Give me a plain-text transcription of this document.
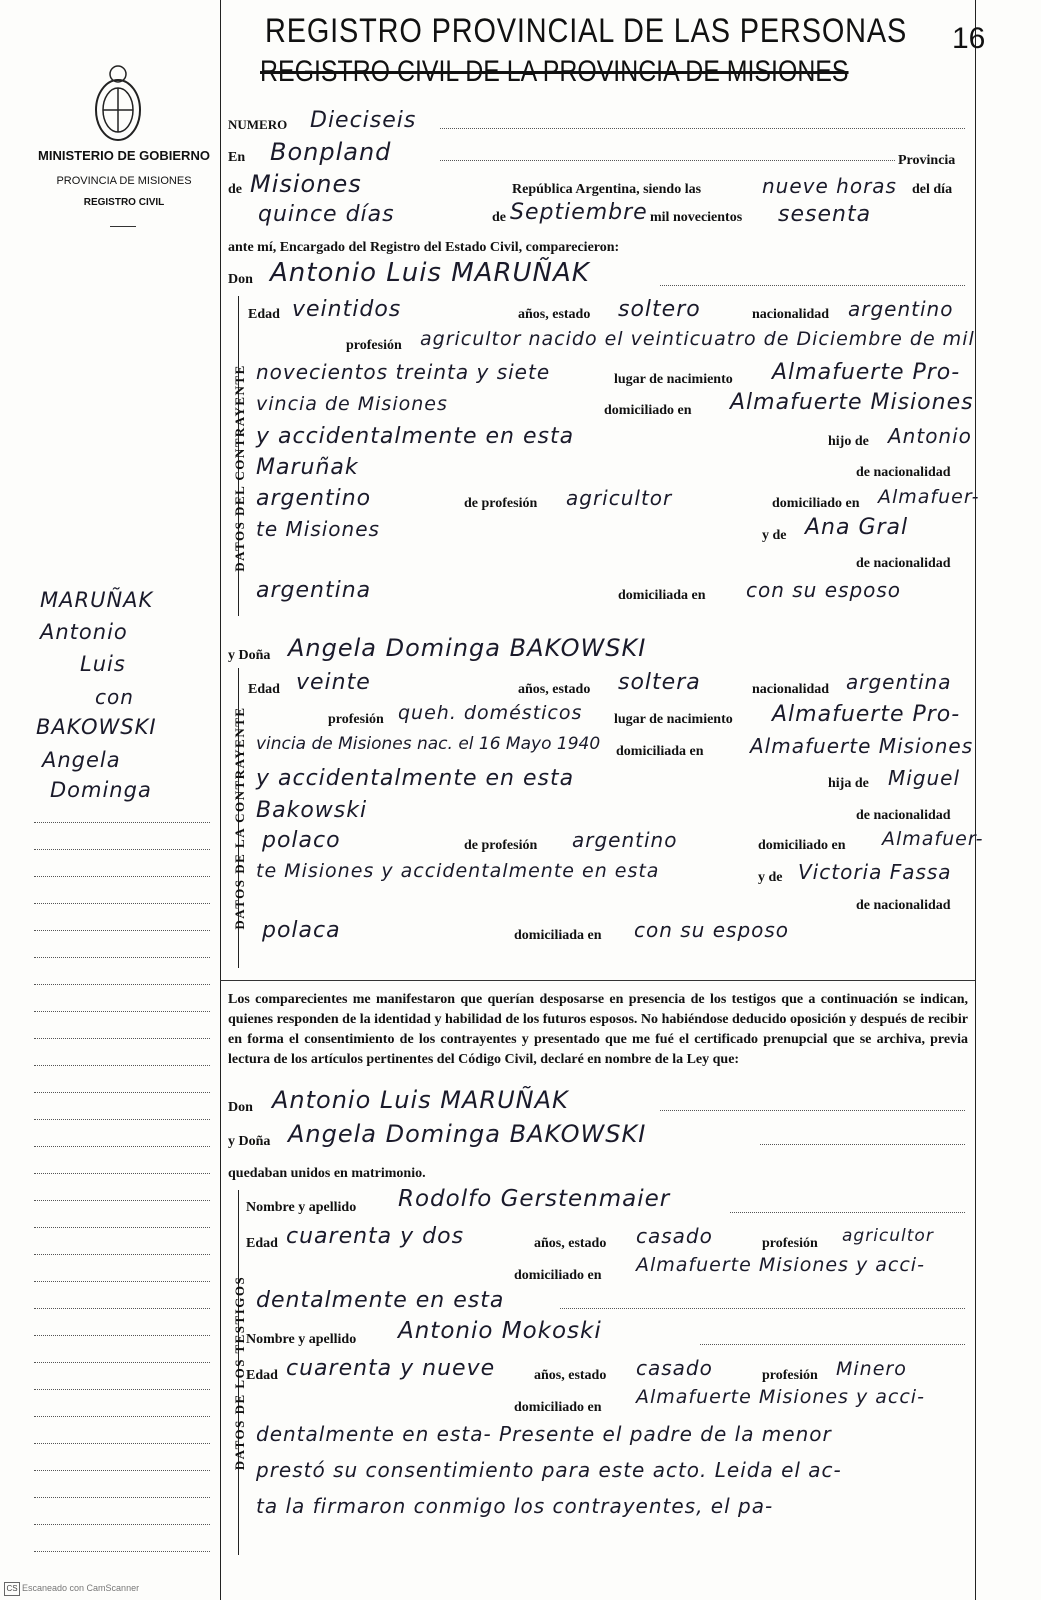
REGISTRO PROVINCIAL DE LAS PERSONAS
REGISTRO CIVIL DE LA PROVINCIA DE MISIONES
16
MINISTERIO DE GOBIERNO
PROVINCIA DE MISIONES
REGISTRO CIVIL
MARUÑAK
Antonio
Luis
con
BAKOWSKI
Angela
Dominga
NUMERO Dieciseis
En Bonpland	Provincia
de Misiones	República Argentina, siendo las	nueve horas del día
quince días	de Septiembre mil novecientos sesenta
ante mí, Encargado del Registro del Estado Civil, comparecieron:
Don Antonio Luis MARUÑAK
DATOS DEL CONTRAYENTE
Edad veintidos	años, estado soltero	nacionalidad argentino
profesión agricultor nacido el veinticuatro de Diciembre de mil
novecientos treinta y siete	lugar de nacimiento Almafuerte Pro-
vincia de Misiones	domiciliado en Almafuerte Misiones
y accidentalmente en esta	hijo de Antonio
Maruñak	de nacionalidad
argentino	de profesión agricultor	domiciliado en Almafuer-
te Misiones	y de Ana Gral
de nacionalidad
argentina	domiciliada en con su esposo
y Doña Angela Dominga BAKOWSKI
DATOS DE LA CONTRAYENTE
Edad veinte	años, estado soltera	nacionalidad argentina
profesión queh. domésticos lugar de nacimiento Almafuerte Pro-
vincia de Misiones nac. el 16 Mayo 1940 domiciliada en Almafuerte Misiones
y accidentalmente en esta	hija de Miguel
Bakowski	de nacionalidad
polaco	de profesión argentino	domiciliado en Almafuer-
te Misiones y accidentalmente en esta	y de Victoria Fassa
de nacionalidad
polaca	domiciliada en con su esposo
Los comparecientes me manifestaron que querían desposarse en presencia de los testigos que a continuación se indican, quienes responden de la identidad y habilidad de los futuros esposos. No habiéndose deducido oposición y después de recibir en forma el consentimiento de los contrayentes y presentado que me fué el certificado prenupcial que se archiva, previa lectura de los artículos pertinentes del Código Civil, declaré en nombre de la Ley que:
Don Antonio Luis MARUÑAK
y Doña Angela Dominga BAKOWSKI
quedaban unidos en matrimonio.
DATOS DE LOS TESTIGOS
Nombre y apellido Rodolfo Gerstenmaier
Edad cuarenta y dos	años, estado casado	profesión agricultor
domiciliado en Almafuerte Misiones y acci-
dentalmente en esta
Nombre y apellido Antonio Mokoski
Edad cuarenta y nueve	años, estado casado	profesión Minero
domiciliado en Almafuerte Misiones y acci-
dentalmente en esta- Presente el padre de la menor
prestó su consentimiento para este acto. Leida el ac-
ta la firmaron conmigo los contrayentes, el pa-
CS Escaneado con CamScanner
